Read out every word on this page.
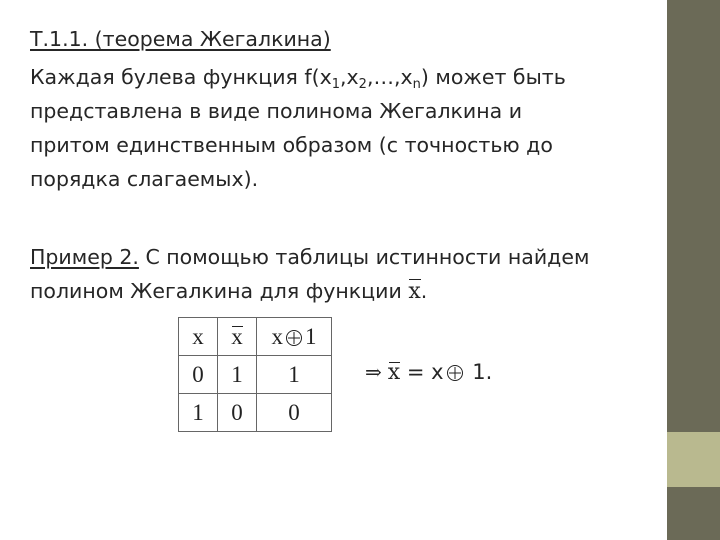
Т.1.1. (теорема Жегалкина)
Каждая булева функция $f(x_1,x_2,\dots,x_n)$ может быть
представлена в виде полинома Жегалкина и
притом единственным образом (с точностью до
порядка слагаемых).
Пример 2. С помощью таблицы истинности найдем
полином Жегалкина для функции x.
x	x	x 1
0	1	1
1	0	0
⇒ x = x 1.
